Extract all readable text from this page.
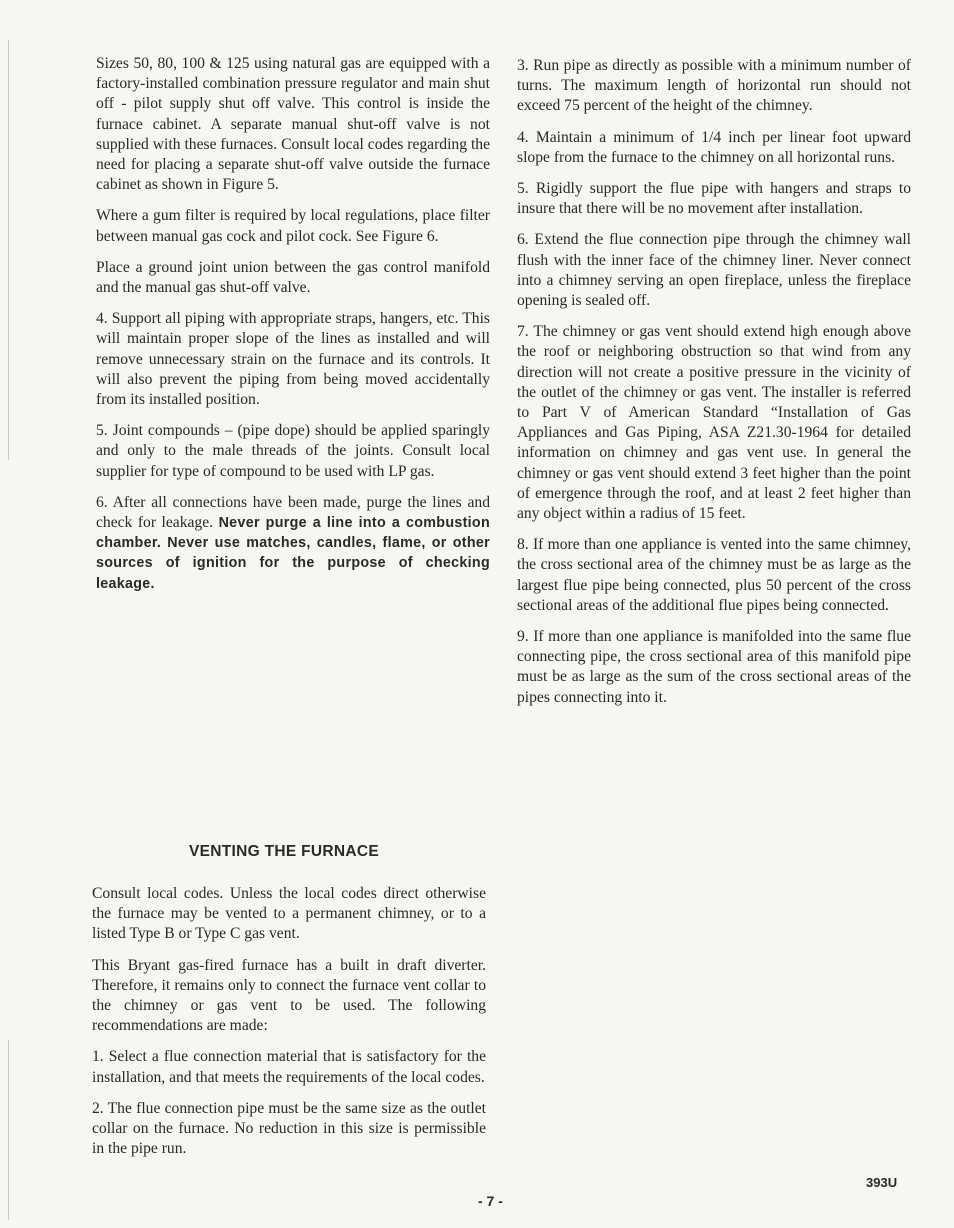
Sizes 50, 80, 100 & 125 using natural gas are equipped with a factory-installed combination pressure regulator and main shut off - pilot supply shut off valve. This control is inside the furnace cabinet. A separate manual shut-off valve is not supplied with these furnaces. Consult local codes regarding the need for placing a separate shut-off valve outside the furnace cabinet as shown in Figure 5.

Where a gum filter is required by local regulations, place filter between manual gas cock and pilot cock. See Figure 6.

Place a ground joint union between the gas control manifold and the manual gas shut-off valve.

4. Support all piping with appropriate straps, hangers, etc. This will maintain proper slope of the lines as installed and will remove unnecessary strain on the furnace and its controls. It will also prevent the piping from being moved accidentally from its installed position.

5. Joint compounds – (pipe dope) should be applied sparingly and only to the male threads of the joints. Consult local supplier for type of compound to be used with LP gas.

6. After all connections have been made, purge the lines and check for leakage. Never purge a line into a combustion chamber. Never use matches, candles, flame, or other sources of ignition for the purpose of checking leakage.

VENTING THE FURNACE

Consult local codes. Unless the local codes direct otherwise the furnace may be vented to a permanent chimney, or to a listed Type B or Type C gas vent.

This Bryant gas-fired furnace has a built in draft diverter. Therefore, it remains only to connect the furnace vent collar to the chimney or gas vent to be used. The following recommendations are made:

1. Select a flue connection material that is satisfactory for the installation, and that meets the requirements of the local codes.

2. The flue connection pipe must be the same size as the outlet collar on the furnace. No reduction in this size is permissible in the pipe run.

3. Run pipe as directly as possible with a minimum number of turns. The maximum length of horizontal run should not exceed 75 percent of the height of the chimney.

4. Maintain a minimum of 1/4 inch per linear foot upward slope from the furnace to the chimney on all horizontal runs.

5. Rigidly support the flue pipe with hangers and straps to insure that there will be no movement after installation.

6. Extend the flue connection pipe through the chimney wall flush with the inner face of the chimney liner. Never connect into a chimney serving an open fireplace, unless the fireplace opening is sealed off.

7. The chimney or gas vent should extend high enough above the roof or neighboring obstruction so that wind from any direction will not create a positive pressure in the vicinity of the outlet of the chimney or gas vent. The installer is referred to Part V of American Standard “Installation of Gas Appliances and Gas Piping, ASA Z21.30-1964 for detailed information on chimney and gas vent use. In general the chimney or gas vent should extend 3 feet higher than the point of emergence through the roof, and at least 2 feet higher than any object within a radius of 15 feet.

8. If more than one appliance is vented into the same chimney, the cross sectional area of the chimney must be as large as the largest flue pipe being connected, plus 50 percent of the cross sectional areas of the additional flue pipes being connected.

9. If more than one appliance is manifolded into the same flue connecting pipe, the cross sectional area of this manifold pipe must be as large as the sum of the cross sectional areas of the pipes connecting into it.

- 7 -
393U
